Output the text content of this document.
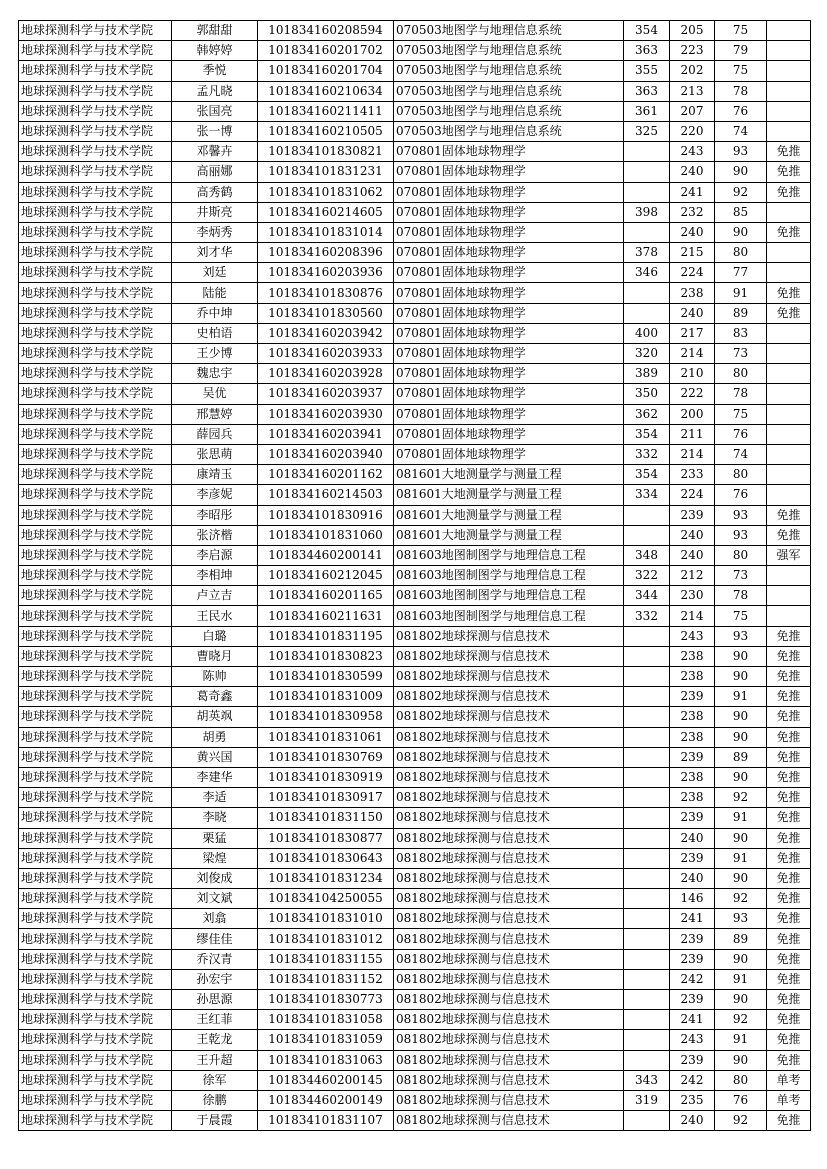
地球探测科学与技术学院	郭甜甜	101834160208594	070503地图学与地理信息系统	354	205	75	
地球探测科学与技术学院	韩婷婷	101834160201702	070503地图学与地理信息系统	363	223	79	
地球探测科学与技术学院	季悦	101834160201704	070503地图学与地理信息系统	355	202	75	
地球探测科学与技术学院	孟凡晓	101834160210634	070503地图学与地理信息系统	363	213	78	
地球探测科学与技术学院	张国亮	101834160211411	070503地图学与地理信息系统	361	207	76	
地球探测科学与技术学院	张一博	101834160210505	070503地图学与地理信息系统	325	220	74	
地球探测科学与技术学院	邓馨卉	101834101830821	070801固体地球物理学		243	93	免推
地球探测科学与技术学院	高丽娜	101834101831231	070801固体地球物理学		240	90	免推
地球探测科学与技术学院	高秀鹤	101834101831062	070801固体地球物理学		241	92	免推
地球探测科学与技术学院	井斯亮	101834160214605	070801固体地球物理学	398	232	85	
地球探测科学与技术学院	李炳秀	101834101831014	070801固体地球物理学		240	90	免推
地球探测科学与技术学院	刘才华	101834160208396	070801固体地球物理学	378	215	80	
地球探测科学与技术学院	刘廷	101834160203936	070801固体地球物理学	346	224	77	
地球探测科学与技术学院	陆能	101834101830876	070801固体地球物理学		238	91	免推
地球探测科学与技术学院	乔中坤	101834101830560	070801固体地球物理学		240	89	免推
地球探测科学与技术学院	史柏语	101834160203942	070801固体地球物理学	400	217	83	
地球探测科学与技术学院	王少博	101834160203933	070801固体地球物理学	320	214	73	
地球探测科学与技术学院	魏忠宇	101834160203928	070801固体地球物理学	389	210	80	
地球探测科学与技术学院	吴优	101834160203937	070801固体地球物理学	350	222	78	
地球探测科学与技术学院	邢慧婷	101834160203930	070801固体地球物理学	362	200	75	
地球探测科学与技术学院	薛园兵	101834160203941	070801固体地球物理学	354	211	76	
地球探测科学与技术学院	张思萌	101834160203940	070801固体地球物理学	332	214	74	
地球探测科学与技术学院	康靖玉	101834160201162	081601大地测量学与测量工程	354	233	80	
地球探测科学与技术学院	李彦妮	101834160214503	081601大地测量学与测量工程	334	224	76	
地球探测科学与技术学院	李昭彤	101834101830916	081601大地测量学与测量工程		239	93	免推
地球探测科学与技术学院	张济楷	101834101831060	081601大地测量学与测量工程		240	93	免推
地球探测科学与技术学院	李启源	101834460200141	081603地图制图学与地理信息工程	348	240	80	强军
地球探测科学与技术学院	李相坤	101834160212045	081603地图制图学与地理信息工程	322	212	73	
地球探测科学与技术学院	卢立吉	101834160201165	081603地图制图学与地理信息工程	344	230	78	
地球探测科学与技术学院	王民水	101834160211631	081603地图制图学与地理信息工程	332	214	75	
地球探测科学与技术学院	白璐	101834101831195	081802地球探测与信息技术		243	93	免推
地球探测科学与技术学院	曹晓月	101834101830823	081802地球探测与信息技术		238	90	免推
地球探测科学与技术学院	陈帅	101834101830599	081802地球探测与信息技术		238	90	免推
地球探测科学与技术学院	葛奇鑫	101834101831009	081802地球探测与信息技术		239	91	免推
地球探测科学与技术学院	胡英飒	101834101830958	081802地球探测与信息技术		238	90	免推
地球探测科学与技术学院	胡勇	101834101831061	081802地球探测与信息技术		238	90	免推
地球探测科学与技术学院	黄兴国	101834101830769	081802地球探测与信息技术		239	89	免推
地球探测科学与技术学院	李建华	101834101830919	081802地球探测与信息技术		238	90	免推
地球探测科学与技术学院	李适	101834101830917	081802地球探测与信息技术		238	92	免推
地球探测科学与技术学院	李晓	101834101831150	081802地球探测与信息技术		239	91	免推
地球探测科学与技术学院	栗猛	101834101830877	081802地球探测与信息技术		240	90	免推
地球探测科学与技术学院	梁煌	101834101830643	081802地球探测与信息技术		239	91	免推
地球探测科学与技术学院	刘俊成	101834101831234	081802地球探测与信息技术		240	90	免推
地球探测科学与技术学院	刘文斌	101834104250055	081802地球探测与信息技术		146	92	免推
地球探测科学与技术学院	刘翕	101834101831010	081802地球探测与信息技术		241	93	免推
地球探测科学与技术学院	缪佳佳	101834101831012	081802地球探测与信息技术		239	89	免推
地球探测科学与技术学院	乔汉青	101834101831155	081802地球探测与信息技术		239	90	免推
地球探测科学与技术学院	孙宏宇	101834101831152	081802地球探测与信息技术		242	91	免推
地球探测科学与技术学院	孙思源	101834101830773	081802地球探测与信息技术		239	90	免推
地球探测科学与技术学院	王红菲	101834101831058	081802地球探测与信息技术		241	92	免推
地球探测科学与技术学院	王乾龙	101834101831059	081802地球探测与信息技术		243	91	免推
地球探测科学与技术学院	王升超	101834101831063	081802地球探测与信息技术		239	90	免推
地球探测科学与技术学院	徐军	101834460200145	081802地球探测与信息技术	343	242	80	单考
地球探测科学与技术学院	徐鹏	101834460200149	081802地球探测与信息技术	319	235	76	单考
地球探测科学与技术学院	于晨霞	101834101831107	081802地球探测与信息技术		240	92	免推
